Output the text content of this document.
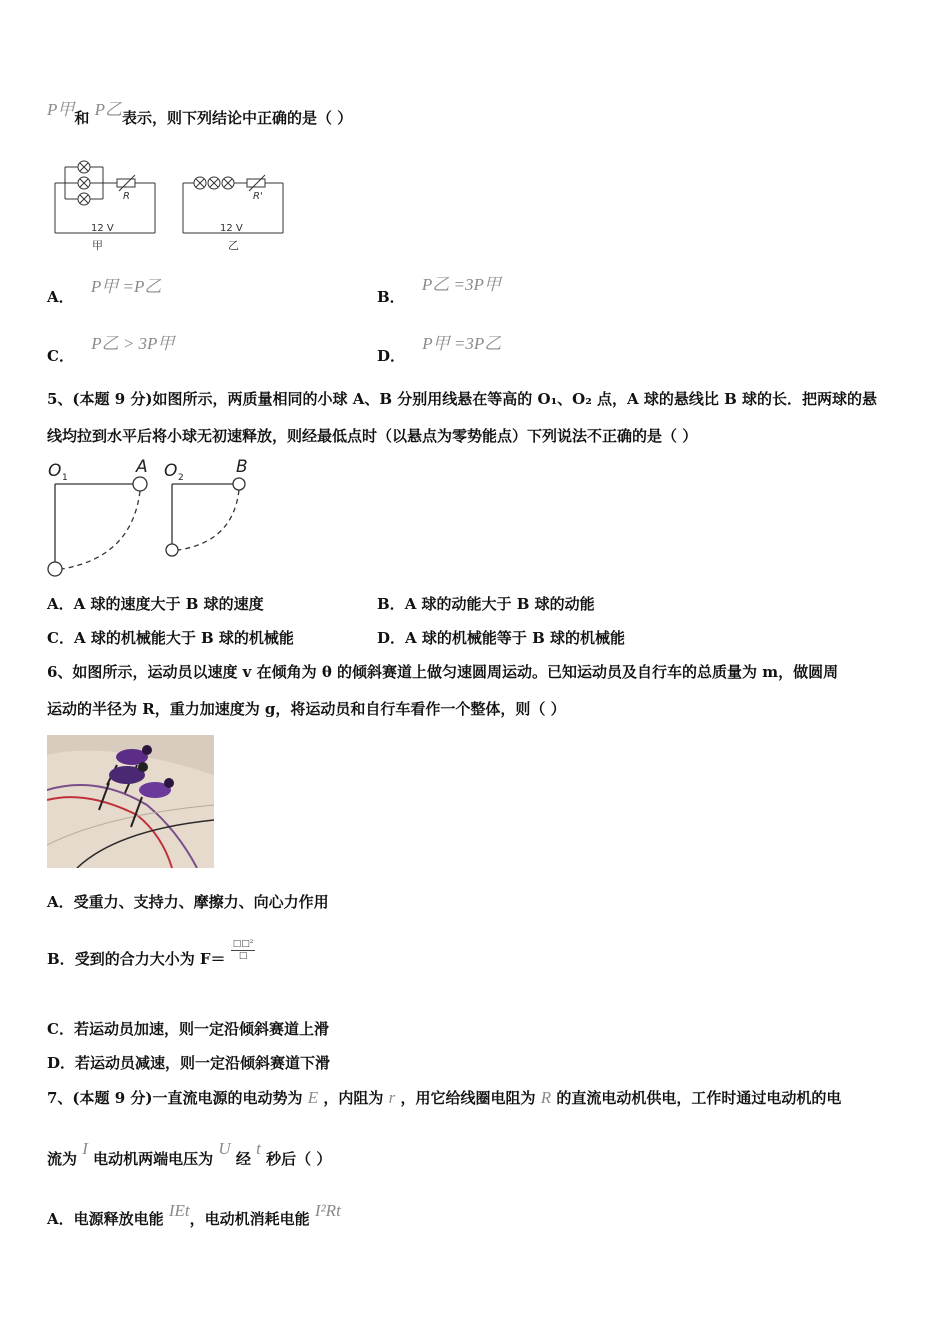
P甲和 P乙表示，则下列结论中正确的是（ ）
R
12 V
甲
R'
12 V
乙
A． P甲 =P乙
B． P乙 =3P甲
C． P乙 > 3P甲
D． P甲 =3P乙
5、(本题 9 分)如图所示，两质量相同的小球 A、B 分别用线悬在等高的 O₁、O₂ 点，A 球的悬线比 B 球的长．把两球的悬
线均拉到水平后将小球无初速释放，则经最低点时（以悬点为零势能点）下列说法不正确的是（ ）
O 1
A O 2
B
A．A 球的速度大于 B 球的速度	B．A 球的动能大于 B 球的动能
C．A 球的机械能大于 B 球的机械能	D．A 球的机械能等于 B 球的机械能
6、如图所示，运动员以速度 v 在倾角为 θ 的倾斜赛道上做匀速圆周运动。已知运动员及自行车的总质量为 m，做圆周
运动的半径为 R，重力加速度为 g，将运动员和自行车看作一个整体，则（ ）
A．受重力、支持力、摩擦力、向心力作用
B．受到的合力大小为 $F= \frac{\text{□□²}}{□}$
C．若运动员加速，则一定沿倾斜赛道上滑
D．若运动员减速，则一定沿倾斜赛道下滑
7、(本题 9 分)一直流电源的电动势为 E ，内阻为 r ，用它给线圈电阻为 R 的直流电动机供电，工作时通过电动机的电
流为 I 电动机两端电压为 U 经 t 秒后（ ）
A．电源释放电能 IEt，电动机消耗电能 I²Rt
